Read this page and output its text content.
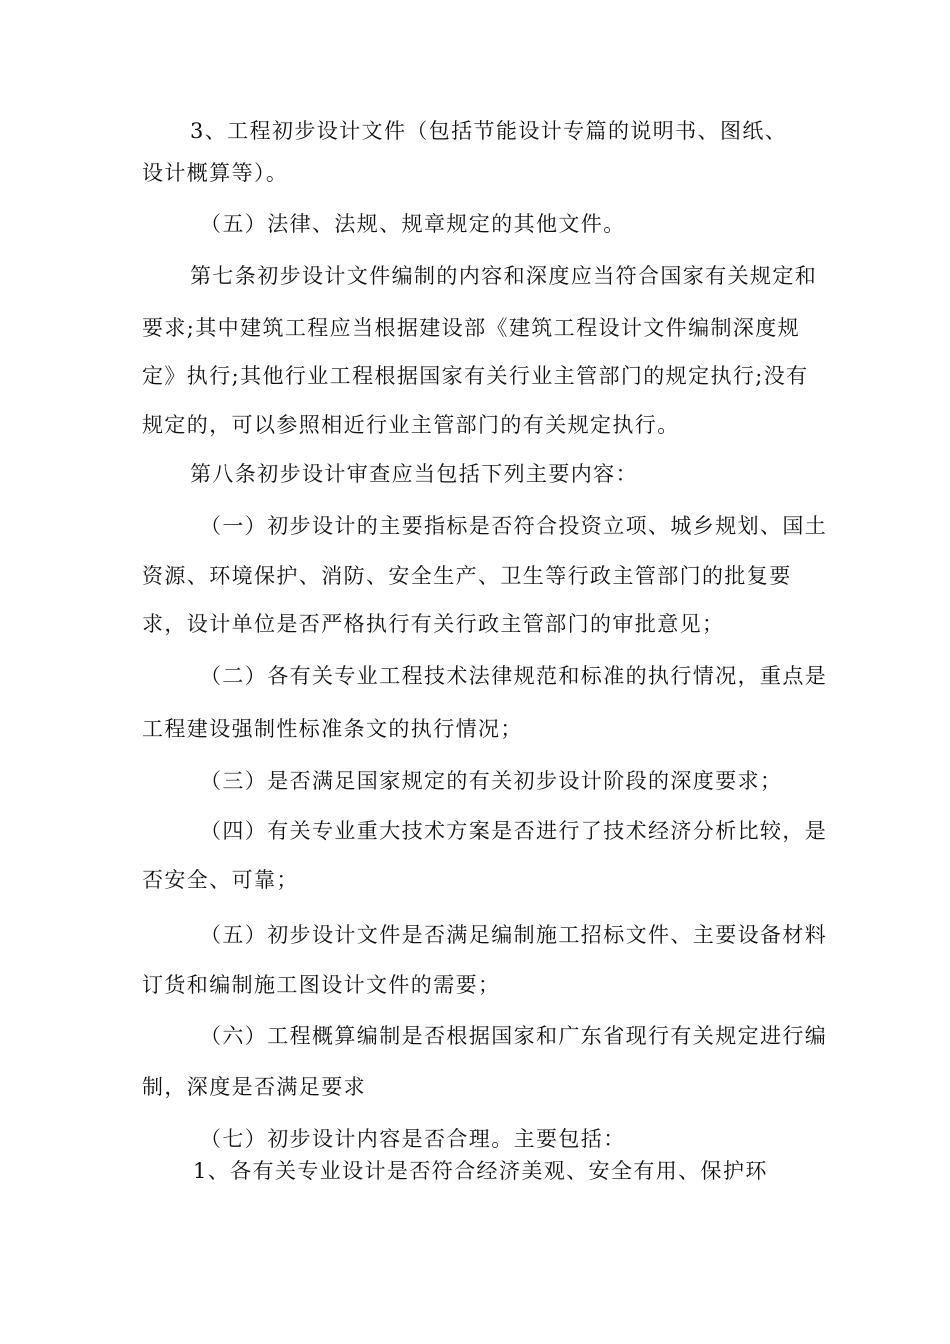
3、工程初步设计文件（包括节能设计专篇的说明书、图纸、
设计概算等）。
（五）法律、法规、规章规定的其他文件。
第七条初步设计文件编制的内容和深度应当符合国家有关规定和
要求;其中建筑工程应当根据建设部《建筑工程设计文件编制深度规
定》执行;其他行业工程根据国家有关行业主管部门的规定执行;没有
规定的，可以参照相近行业主管部门的有关规定执行。
第八条初步设计审查应当包括下列主要内容：
（一）初步设计的主要指标是否符合投资立项、城乡规划、国土
资源、环境保护、消防、安全生产、卫生等行政主管部门的批复要
求，设计单位是否严格执行有关行政主管部门的审批意见；
（二）各有关专业工程技术法律规范和标准的执行情况，重点是
工程建设强制性标准条文的执行情况；
（三）是否满足国家规定的有关初步设计阶段的深度要求；
（四）有关专业重大技术方案是否进行了技术经济分析比较，是
否安全、可靠；
（五）初步设计文件是否满足编制施工招标文件、主要设备材料
订货和编制施工图设计文件的需要；
（六）工程概算编制是否根据国家和广东省现行有关规定进行编
制，深度是否满足要求
（七）初步设计内容是否合理。主要包括：
1、各有关专业设计是否符合经济美观、安全有用、保护环
